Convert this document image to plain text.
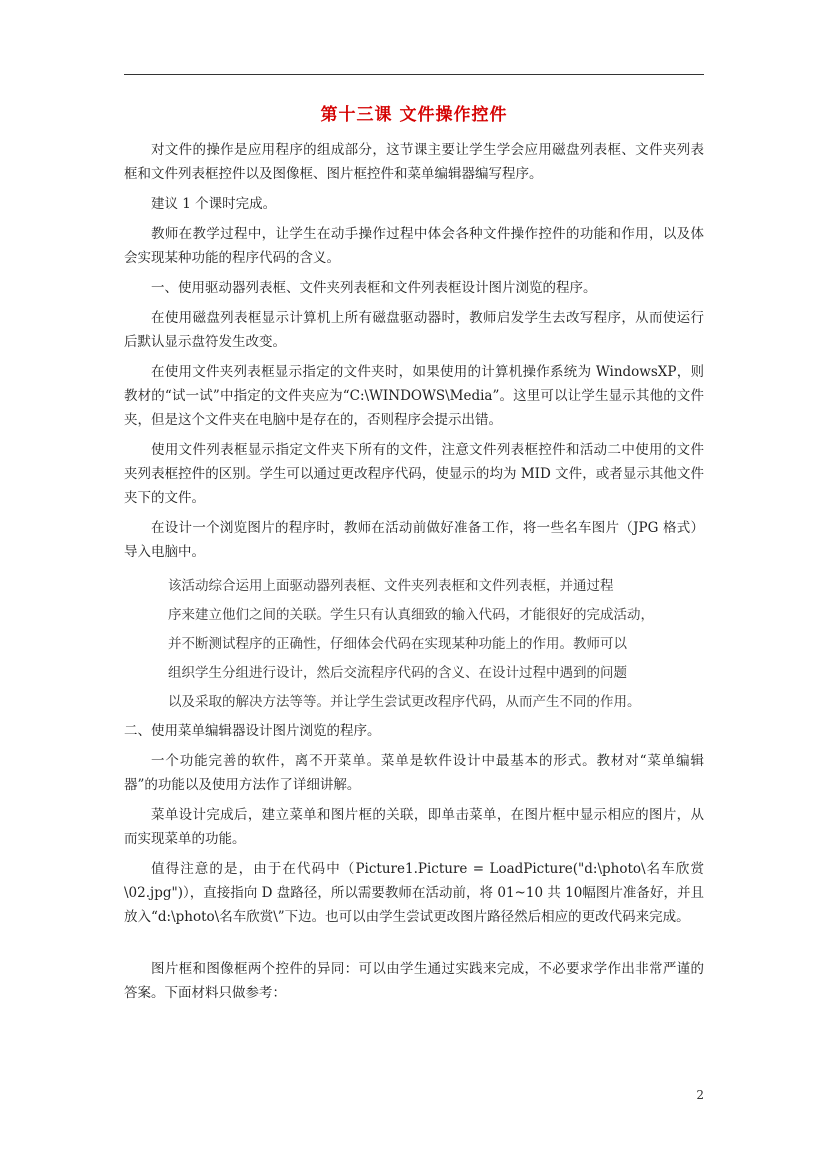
第十三课 文件操作控件

对文件的操作是应用程序的组成部分，这节课主要让学生学会应用磁盘列表框、文件夹列表框和文件列表框控件以及图像框、图片框控件和菜单编辑器编写程序。

建议 1 个课时完成。

教师在教学过程中，让学生在动手操作过程中体会各种文件操作控件的功能和作用，以及体会实现某种功能的程序代码的含义。

一、使用驱动器列表框、文件夹列表框和文件列表框设计图片浏览的程序。

在使用磁盘列表框显示计算机上所有磁盘驱动器时，教师启发学生去改写程序，从而使运行后默认显示盘符发生改变。

在使用文件夹列表框显示指定的文件夹时，如果使用的计算机操作系统为 WindowsXP，则教材的“试一试”中指定的文件夹应为“C:\WINDOWS\Media”。这里可以让学生显示其他的文件夹，但是这个文件夹在电脑中是存在的，否则程序会提示出错。

使用文件列表框显示指定文件夹下所有的文件，注意文件列表框控件和活动二中使用的文件夹列表框控件的区别。学生可以通过更改程序代码，使显示的均为 MID 文件，或者显示其他文件夹下的文件。

在设计一个浏览图片的程序时，教师在活动前做好准备工作，将一些名车图片（JPG 格式）导入电脑中。

该活动综合运用上面驱动器列表框、文件夹列表框和文件列表框，并通过程
序来建立他们之间的关联。学生只有认真细致的输入代码，才能很好的完成活动，
并不断测试程序的正确性，仔细体会代码在实现某种功能上的作用。教师可以
组织学生分组进行设计，然后交流程序代码的含义、在设计过程中遇到的问题
以及采取的解决方法等等。并让学生尝试更改程序代码，从而产生不同的作用。

二、使用菜单编辑器设计图片浏览的程序。

一个功能完善的软件，离不开菜单。菜单是软件设计中最基本的形式。教材对“菜单编辑器”的功能以及使用方法作了详细讲解。

菜单设计完成后，建立菜单和图片框的关联，即单击菜单，在图片框中显示相应的图片，从而实现菜单的功能。

值得注意的是，由于在代码中（Picture1.Picture = LoadPicture("d:\photo\名车欣赏\02.jpg")），直接指向 D 盘路径，所以需要教师在活动前，将 01~10 共 10幅图片准备好，并且放入“d:\photo\名车欣赏\”下边。也可以由学生尝试更改图片路径然后相应的更改代码来完成。

图片框和图像框两个控件的异同：可以由学生通过实践来完成，不必要求学作出非常严谨的答案。下面材料只做参考：

2
